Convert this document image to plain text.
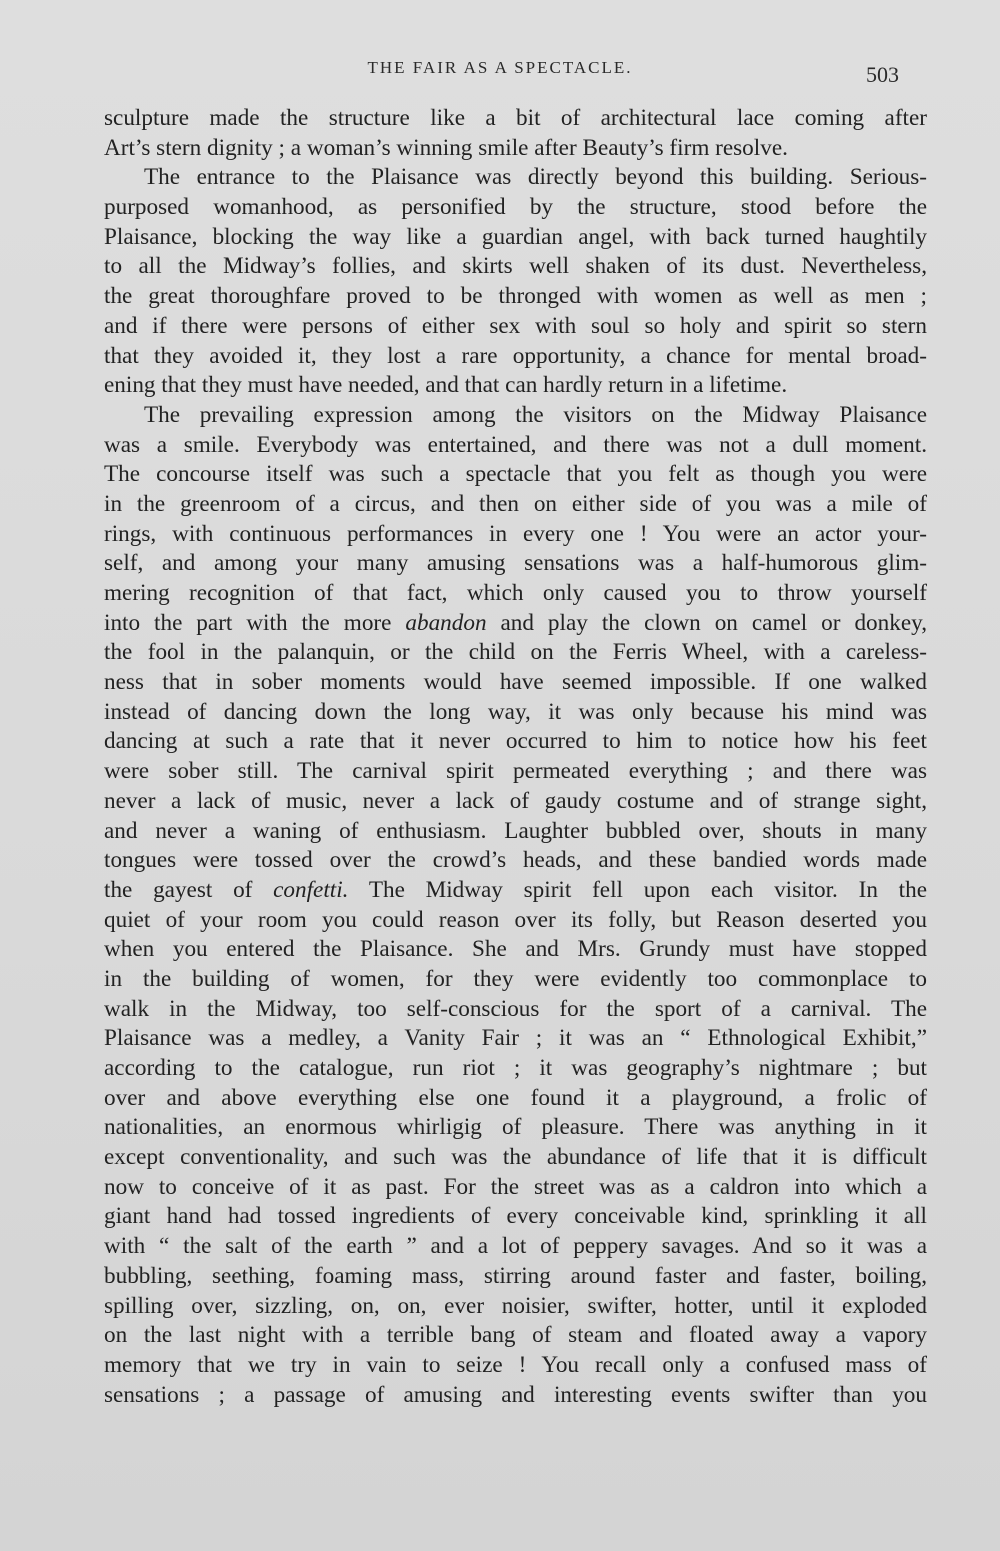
THE FAIR AS A SPECTACLE.	503
sculpture made the structure like a bit of architectural lace coming after
Art’s stern dignity ; a woman’s winning smile after Beauty’s firm resolve.
The entrance to the Plaisance was directly beyond this building. Serious-
purposed womanhood, as personified by the structure, stood before the
Plaisance, blocking the way like a guardian angel, with back turned haughtily
to all the Midway’s follies, and skirts well shaken of its dust. Nevertheless,
the great thoroughfare proved to be thronged with women as well as men ;
and if there were persons of either sex with soul so holy and spirit so stern
that they avoided it, they lost a rare opportunity, a chance for mental broad-
ening that they must have needed, and that can hardly return in a lifetime.
The prevailing expression among the visitors on the Midway Plaisance
was a smile. Everybody was entertained, and there was not a dull moment.
The concourse itself was such a spectacle that you felt as though you were
in the greenroom of a circus, and then on either side of you was a mile of
rings, with continuous performances in every one ! You were an actor your-
self, and among your many amusing sensations was a half-humorous glim-
mering recognition of that fact, which only caused you to throw yourself
into the part with the more abandon and play the clown on camel or donkey,
the fool in the palanquin, or the child on the Ferris Wheel, with a careless-
ness that in sober moments would have seemed impossible. If one walked
instead of dancing down the long way, it was only because his mind was
dancing at such a rate that it never occurred to him to notice how his feet
were sober still. The carnival spirit permeated everything ; and there was
never a lack of music, never a lack of gaudy costume and of strange sight,
and never a waning of enthusiasm. Laughter bubbled over, shouts in many
tongues were tossed over the crowd’s heads, and these bandied words made
the gayest of confetti. The Midway spirit fell upon each visitor. In the
quiet of your room you could reason over its folly, but Reason deserted you
when you entered the Plaisance. She and Mrs. Grundy must have stopped
in the building of women, for they were evidently too commonplace to
walk in the Midway, too self-conscious for the sport of a carnival. The
Plaisance was a medley, a Vanity Fair ; it was an “ Ethnological Exhibit,”
according to the catalogue, run riot ; it was geography’s nightmare ; but
over and above everything else one found it a playground, a frolic of
nationalities, an enormous whirligig of pleasure. There was anything in it
except conventionality, and such was the abundance of life that it is difficult
now to conceive of it as past. For the street was as a caldron into which a
giant hand had tossed ingredients of every conceivable kind, sprinkling it all
with “ the salt of the earth ” and a lot of peppery savages. And so it was a
bubbling, seething, foaming mass, stirring around faster and faster, boiling,
spilling over, sizzling, on, on, ever noisier, swifter, hotter, until it exploded
on the last night with a terrible bang of steam and floated away a vapory
memory that we try in vain to seize ! You recall only a confused mass of
sensations ; a passage of amusing and interesting events swifter than you
